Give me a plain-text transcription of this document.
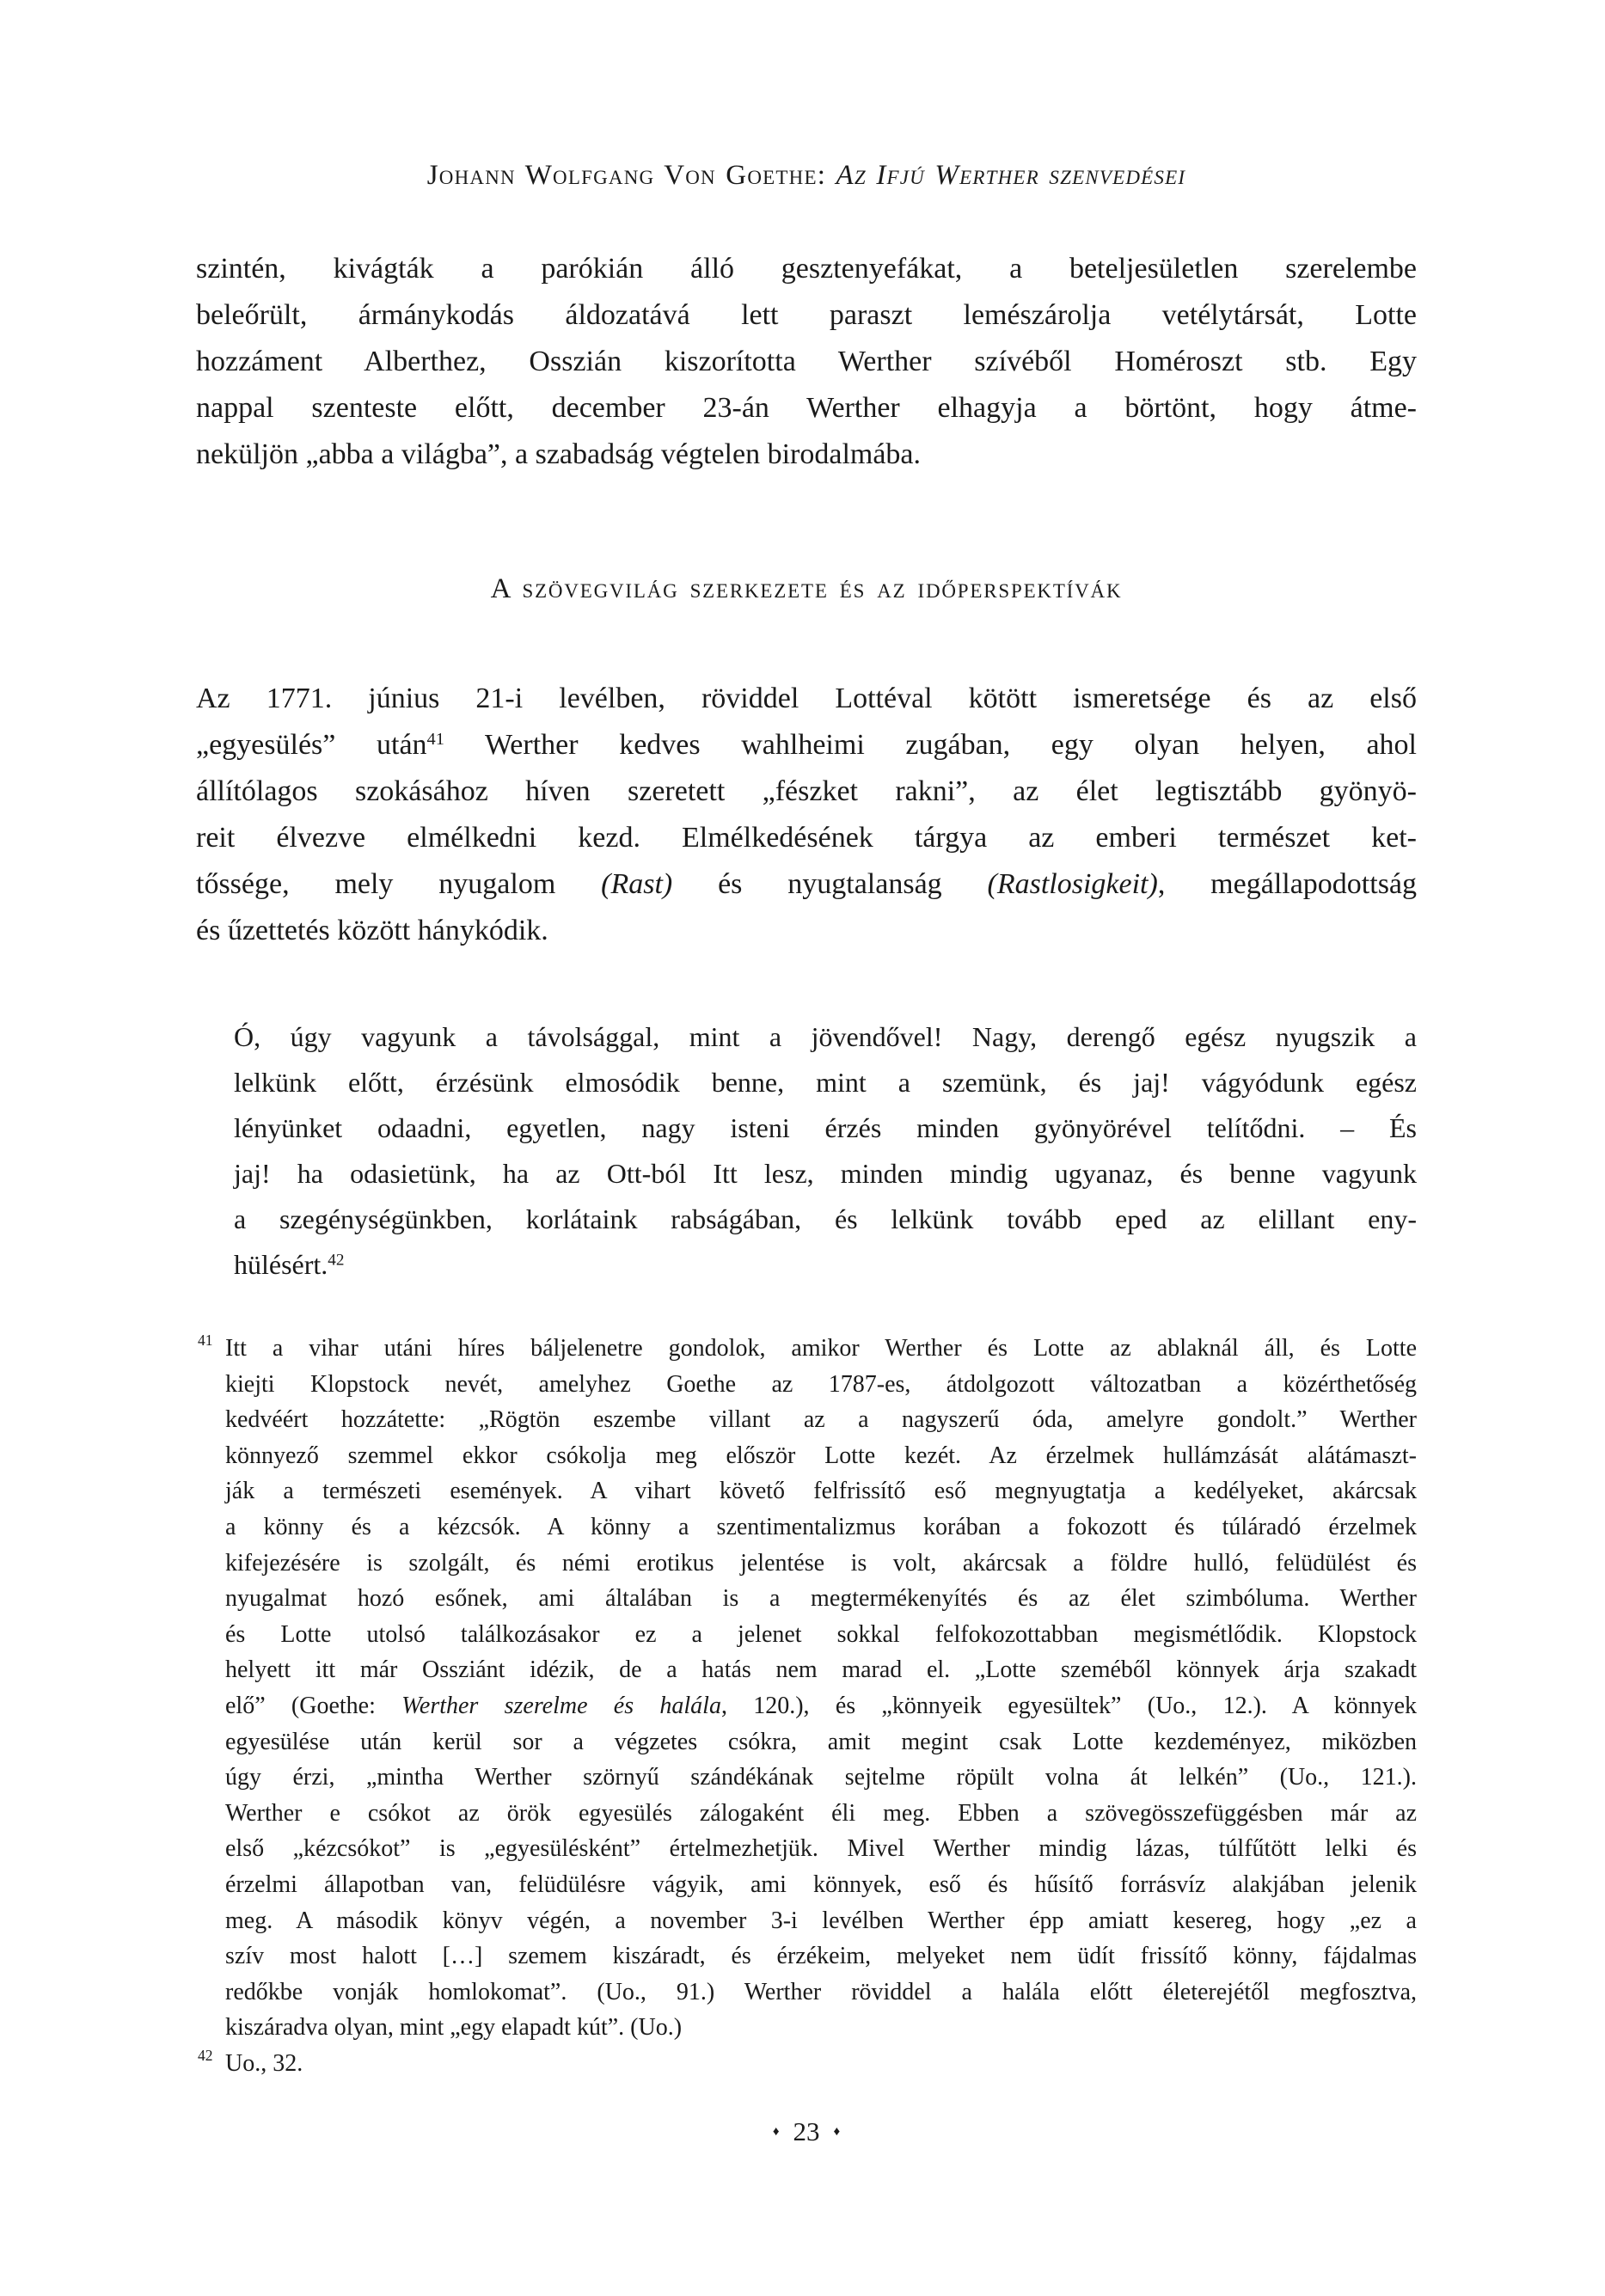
Johann Wolfgang Von Goethe: Az Ifjú Werther szenvedései
szintén, kivágták a parókián álló gesztenyefákat, a beteljesületlen szerelembe
beleőrült, ármánykodás áldozatává lett paraszt lemészárolja vetélytársát, Lotte
hozzáment Alberthez, Osszián kiszorította Werther szívéből Homéroszt stb. Egy
nappal szenteste előtt, december 23-án Werther elhagyja a börtönt, hogy átme-
neküljön „abba a világba”, a szabadság végtelen birodalmába.
A szövegvilág szerkezete és az időperspektívák
Az 1771. június 21-i levélben, röviddel Lottéval kötött ismeretsége és az első
„egyesülés” után$^{41}$ Werther kedves wahlheimi zugában, egy olyan helyen, ahol
állítólagos szokásához híven szeretett „fészket rakni”, az élet legtisztább gyönyö-
reit élvezve elmélkedni kezd. Elmélkedésének tárgya az emberi természet ket-
tőssége, mely nyugalom (Rast) és nyugtalanság (Rastlosigkeit), megállapodottság
és űzettetés között hánykódik.
Ó, úgy vagyunk a távolsággal, mint a jövendővel! Nagy, derengő egész nyugszik a
lelkünk előtt, érzésünk elmosódik benne, mint a szemünk, és jaj! vágyódunk egész
lényünket odaadni, egyetlen, nagy isteni érzés minden gyönyörével telítődni. – És
jaj! ha odasietünk, ha az Ott-ból Itt lesz, minden mindig ugyanaz, és benne vagyunk
a szegénységünkben, korlátaink rabságában, és lelkünk tovább eped az elillant eny-
hülésért.$^{42}$
41 Itt a vihar utáni híres báljelenetre gondolok, amikor Werther és Lotte az ablaknál áll, és Lotte
kiejti Klopstock nevét, amelyhez Goethe az 1787-es, átdolgozott változatban a közérthetőség
kedvéért hozzátette: „Rögtön eszembe villant az a nagyszerű óda, amelyre gondolt.” Werther
könnyező szemmel ekkor csókolja meg először Lotte kezét. Az érzelmek hullámzását alátámaszt-
ják a természeti események. A vihart követő felfrissítő eső megnyugtatja a kedélyeket, akárcsak
a könny és a kézcsók. A könny a szentimentalizmus korában a fokozott és túláradó érzelmek
kifejezésére is szolgált, és némi erotikus jelentése is volt, akárcsak a földre hulló, felüdülést és
nyugalmat hozó esőnek, ami általában is a megtermékenyítés és az élet szimbóluma. Werther
és Lotte utolsó találkozásakor ez a jelenet sokkal felfokozottabban megismétlődik. Klopstock
helyett itt már Ossziánt idézik, de a hatás nem marad el. „Lotte szeméből könnyek árja szakadt
elő” (Goethe: Werther szerelme és halála, 120.), és „könnyeik egyesültek” (Uo., 12.). A könnyek
egyesülése után kerül sor a végzetes csókra, amit megint csak Lotte kezdeményez, miközben
úgy érzi, „mintha Werther szörnyű szándékának sejtelme röpült volna át lelkén” (Uo., 121.).
Werther e csókot az örök egyesülés zálogaként éli meg. Ebben a szövegösszefüggésben már az
első „kézcsókot” is „egyesülésként” értelmezhetjük. Mivel Werther mindig lázas, túlfűtött lelki és
érzelmi állapotban van, felüdülésre vágyik, ami könnyek, eső és hűsítő forrásvíz alakjában jelenik
meg. A második könyv végén, a november 3-i levélben Werther épp amiatt kesereg, hogy „ez a
szív most halott […] szemem kiszáradt, és érzékeim, melyeket nem üdít frissítő könny, fájdalmas
redőkbe vonják homlokomat”. (Uo., 91.) Werther röviddel a halála előtt életerejétől megfosztva,
kiszáradva olyan, mint „egy elapadt kút”. (Uo.)
42 Uo., 32.
♦ 23 ♦
